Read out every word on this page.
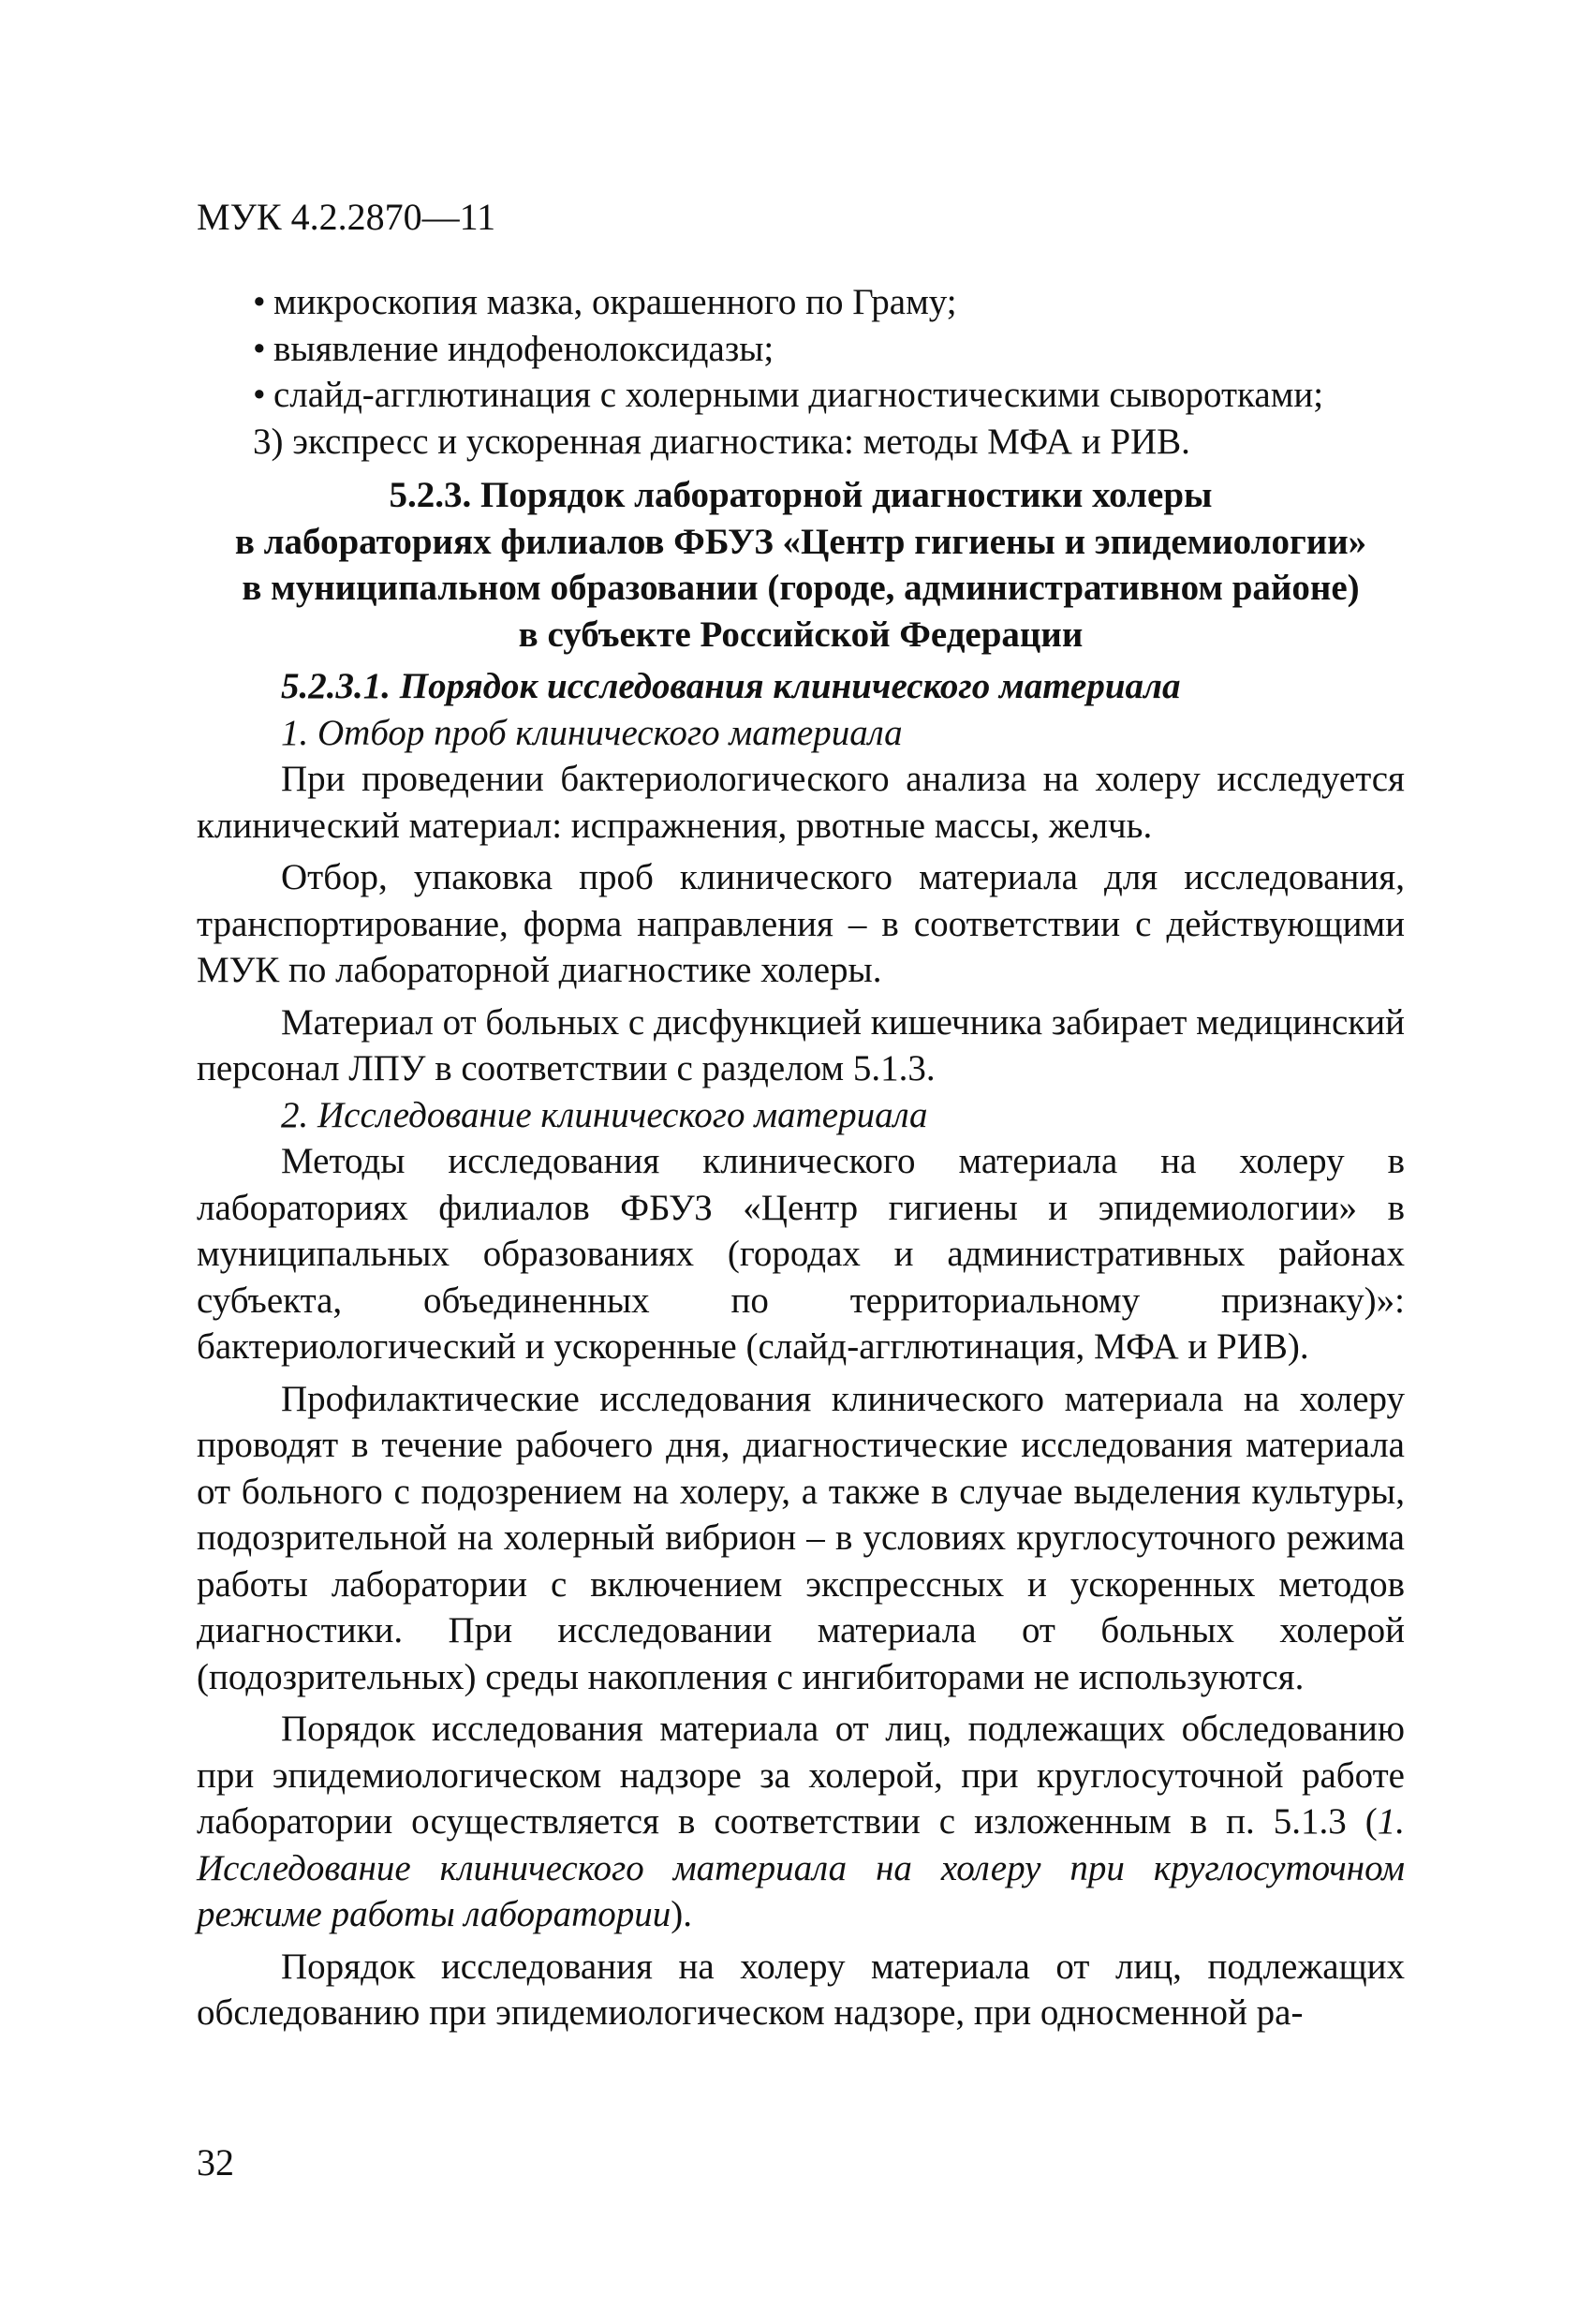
МУК 4.2.2870—11
• микроскопия мазка, окрашенного по Граму;
• выявление индофенолоксидазы;
• слайд-агглютинация с холерными диагностическими сыворотками;
3) экспресс и ускоренная диагностика: методы МФА и РИВ.
5.2.3. Порядок лабораторной диагностики холеры
в лабораториях филиалов ФБУЗ «Центр гигиены и эпидемиологии»
в муниципальном образовании (городе, административном районе)
в субъекте Российской Федерации
5.2.3.1. Порядок исследования клинического материала
1. Отбор проб клинического материала

При проведении бактериологического анализа на холеру исследуется клинический материал: испражнения, рвотные массы, желчь.

Отбор, упаковка проб клинического материала для исследования, транспортирование, форма направления – в соответствии с действующими МУК по лабораторной диагностике холеры.

Материал от больных с дисфункцией кишечника забирает медицинский персонал ЛПУ в соответствии с разделом 5.1.3.

2. Исследование клинического материала

Методы исследования клинического материала на холеру в лабораториях филиалов ФБУЗ «Центр гигиены и эпидемиологии» в муниципальных образованиях (городах и административных районах субъекта, объединенных по территориальному признаку)»: бактериологический и ускоренные (слайд-агглютинация, МФА и РИВ).

Профилактические исследования клинического материала на холеру проводят в течение рабочего дня, диагностические исследования материала от больного с подозрением на холеру, а также в случае выделения культуры, подозрительной на холерный вибрион – в условиях круглосуточного режима работы лаборатории с включением экспрессных и ускоренных методов диагностики. При исследовании материала от больных холерой (подозрительных) среды накопления с ингибиторами не используются.

Порядок исследования материала от лиц, подлежащих обследованию при эпидемиологическом надзоре за холерой, при круглосуточной работе лаборатории осуществляется в соответствии с изложенным в п. 5.1.3 (1. Исследование клинического материала на холеру при круглосуточном режиме работы лаборатории).

Порядок исследования на холеру материала от лиц, подлежащих обследованию при эпидемиологическом надзоре, при односменной ра-

32
